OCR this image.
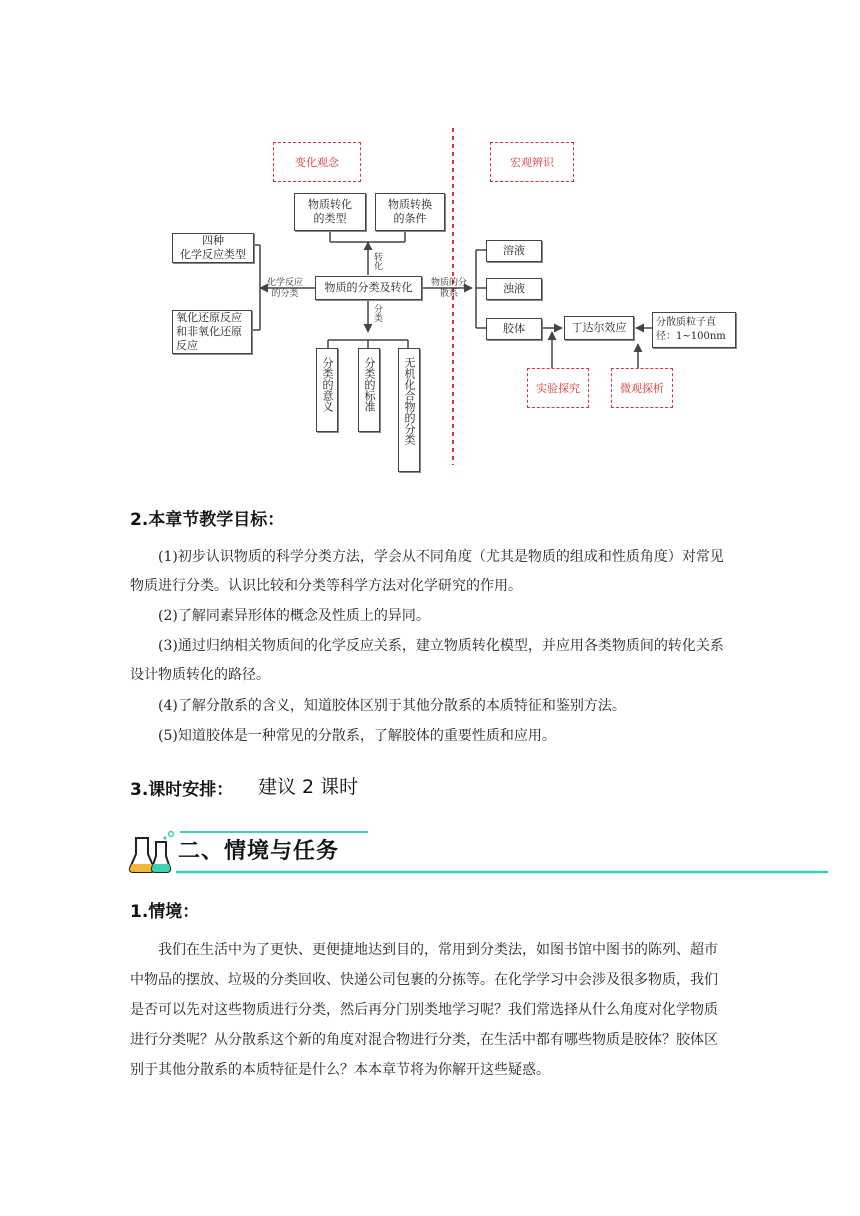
变化观念	宏观辨识
物质转化的类型
物质转换的条件
四种
化学反应类型
氧化还原反应和非氧化还原反应
化学反应的分类	物质的分类及转化
转化
分类
物质的分散系
分类的意义	分类的标准	无机化合物的分类
溶液
浊液
胶体	丁达尔效应	分散质粒子直径：1~100nm
实验探究	微观探析
2.本章节教学目标：
(1)初步认识物质的科学分类方法，学会从不同角度（尤其是物质的组成和性质角度）对常见物质进行分类。认识比较和分类等科学方法对化学研究的作用。
(2)了解同素异形体的概念及性质上的异同。
(3)通过归纳相关物质间的化学反应关系，建立物质转化模型，并应用各类物质间的转化关系设计物质转化的路径。
(4)了解分散系的含义，知道胶体区别于其他分散系的本质特征和鉴别方法。
(5)知道胶体是一种常见的分散系，了解胶体的重要性质和应用。
3.课时安排： 建议 2 课时
二、情境与任务
1.情境：
我们在生活中为了更快、更便捷地达到目的，常用到分类法，如图书馆中图书的陈列、超市中物品的摆放、垃圾的分类回收、快递公司包裹的分拣等。在化学学习中会涉及很多物质，我们是否可以先对这些物质进行分类，然后再分门别类地学习呢？我们常选择从什么角度对化学物质进行分类呢？从分散系这个新的角度对混合物进行分类，在生活中都有哪些物质是胶体？胶体区别于其他分散系的本质特征是什么？本本章节将为你解开这些疑惑。
